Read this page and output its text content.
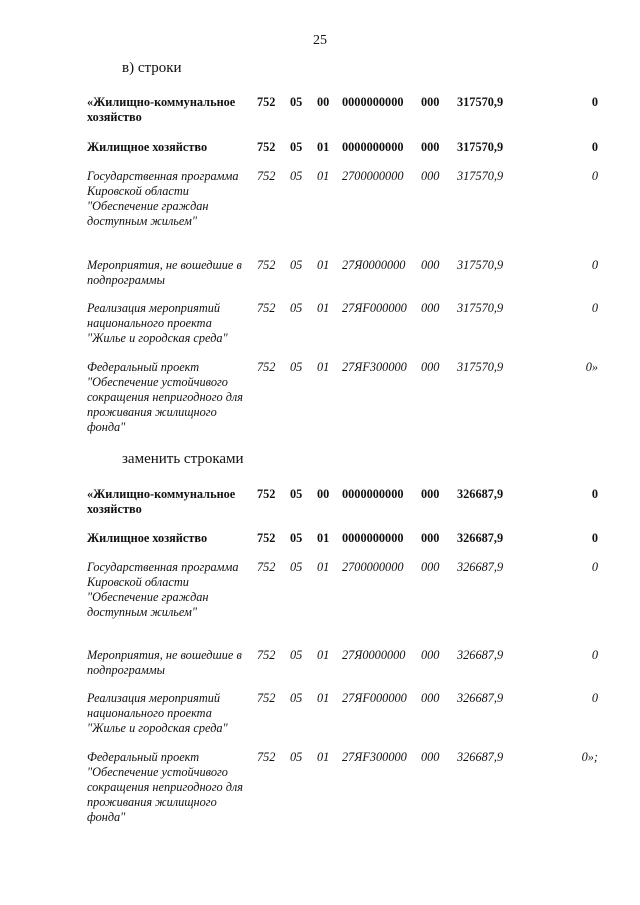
25
в) строки
заменить строками
«Жилищно-коммунальное хозяйство
752 05 00 0000000000 000 317570,9	0
Жилищное хозяйство	752 05 01 0000000000 000 317570,9	0
Государственная программа Кировской области "Обеспечение граждан доступным жильем"
752 05 01 2700000000 000 317570,9	0
Мероприятия, не вошедшие в подпрограммы
752 05 01 27Я0000000 000 317570,9	0
Реализация мероприятий национального проекта "Жилье и городская среда"
752 05 01 27ЯF000000 000 317570,9	0
Федеральный проект "Обеспечение устойчивого сокращения непригодного для проживания жилищного фонда"
752 05 01 27ЯF300000 000 317570,9	0»
«Жилищно-коммунальное хозяйство
752 05 00 0000000000 000 326687,9	0
Жилищное хозяйство	752 05 01 0000000000 000 326687,9	0
Государственная программа Кировской области "Обеспечение граждан доступным жильем"
752 05 01 2700000000 000 326687,9	0
Мероприятия, не вошедшие в подпрограммы
752 05 01 27Я0000000 000 326687,9	0
Реализация мероприятий национального проекта "Жилье и городская среда"
752 05 01 27ЯF000000 000 326687,9	0
Федеральный проект "Обеспечение устойчивого сокращения непригодного для проживания жилищного фонда"
752 05 01 27ЯF300000 000 326687,9	0»;
